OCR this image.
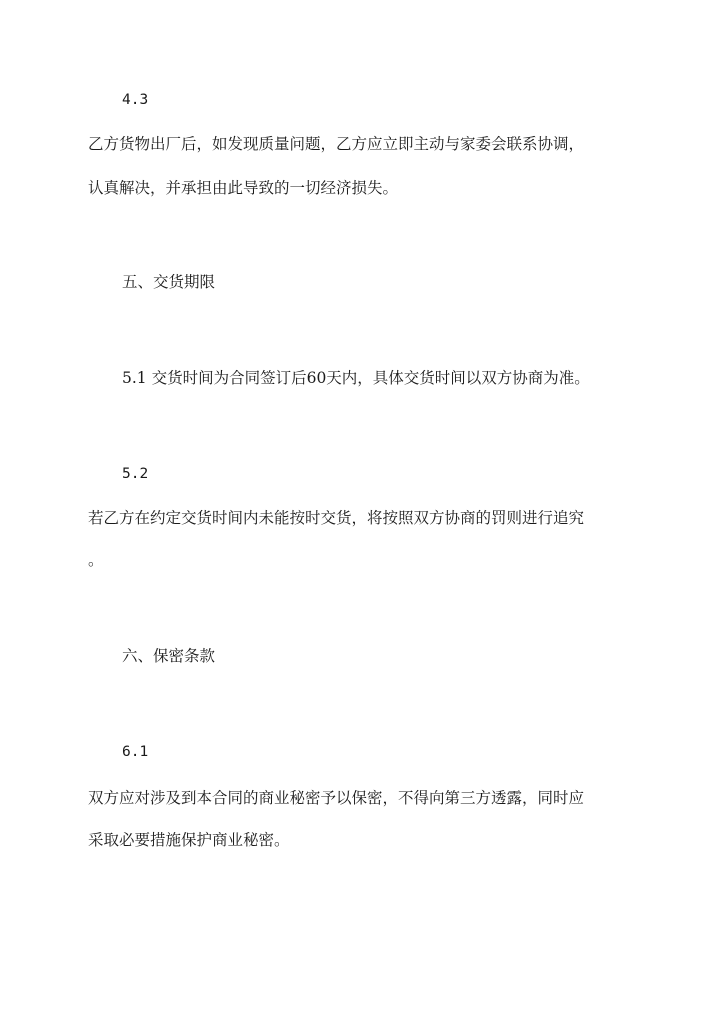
4.3
乙方货物出厂后，如发现质量问题，乙方应立即主动与家委会联系协调，
认真解决，并承担由此导致的一切经济损失。
五、交货期限
5.1 交货时间为合同签订后60天内，具体交货时间以双方协商为准。
5.2
若乙方在约定交货时间内未能按时交货，将按照双方协商的罚则进行追究
。
六、保密条款
6.1
双方应对涉及到本合同的商业秘密予以保密，不得向第三方透露，同时应
采取必要措施保护商业秘密。
